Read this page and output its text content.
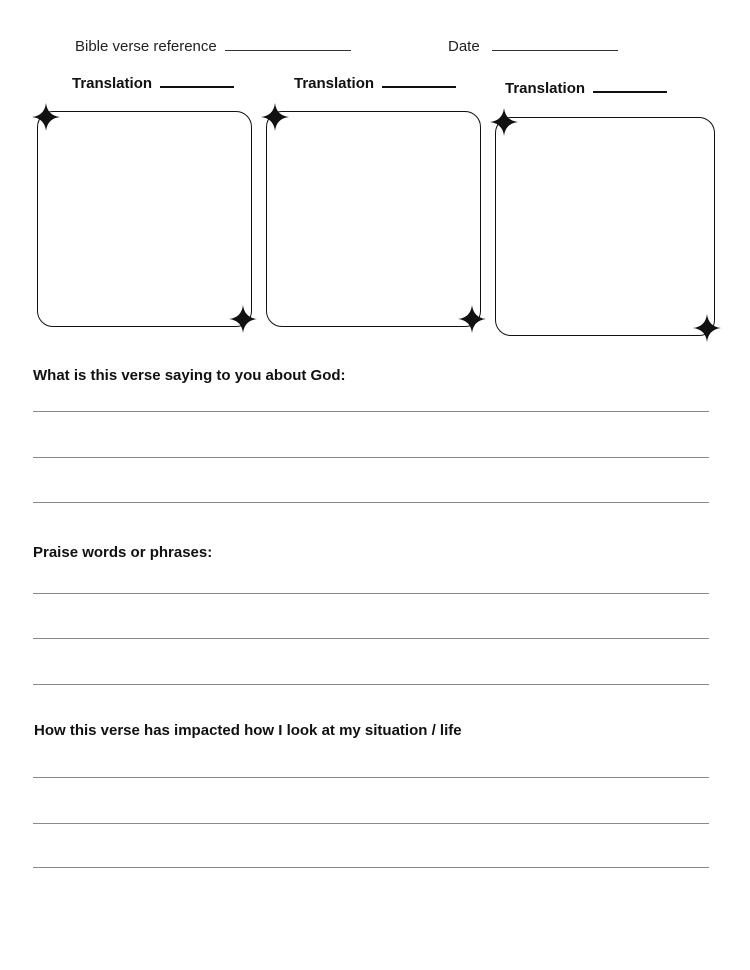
Bible verse reference	Date
Translation	Translation	Translation
What is this verse saying to you about God:
Praise words or phrases:
How this verse has impacted how I look at my situation / life
